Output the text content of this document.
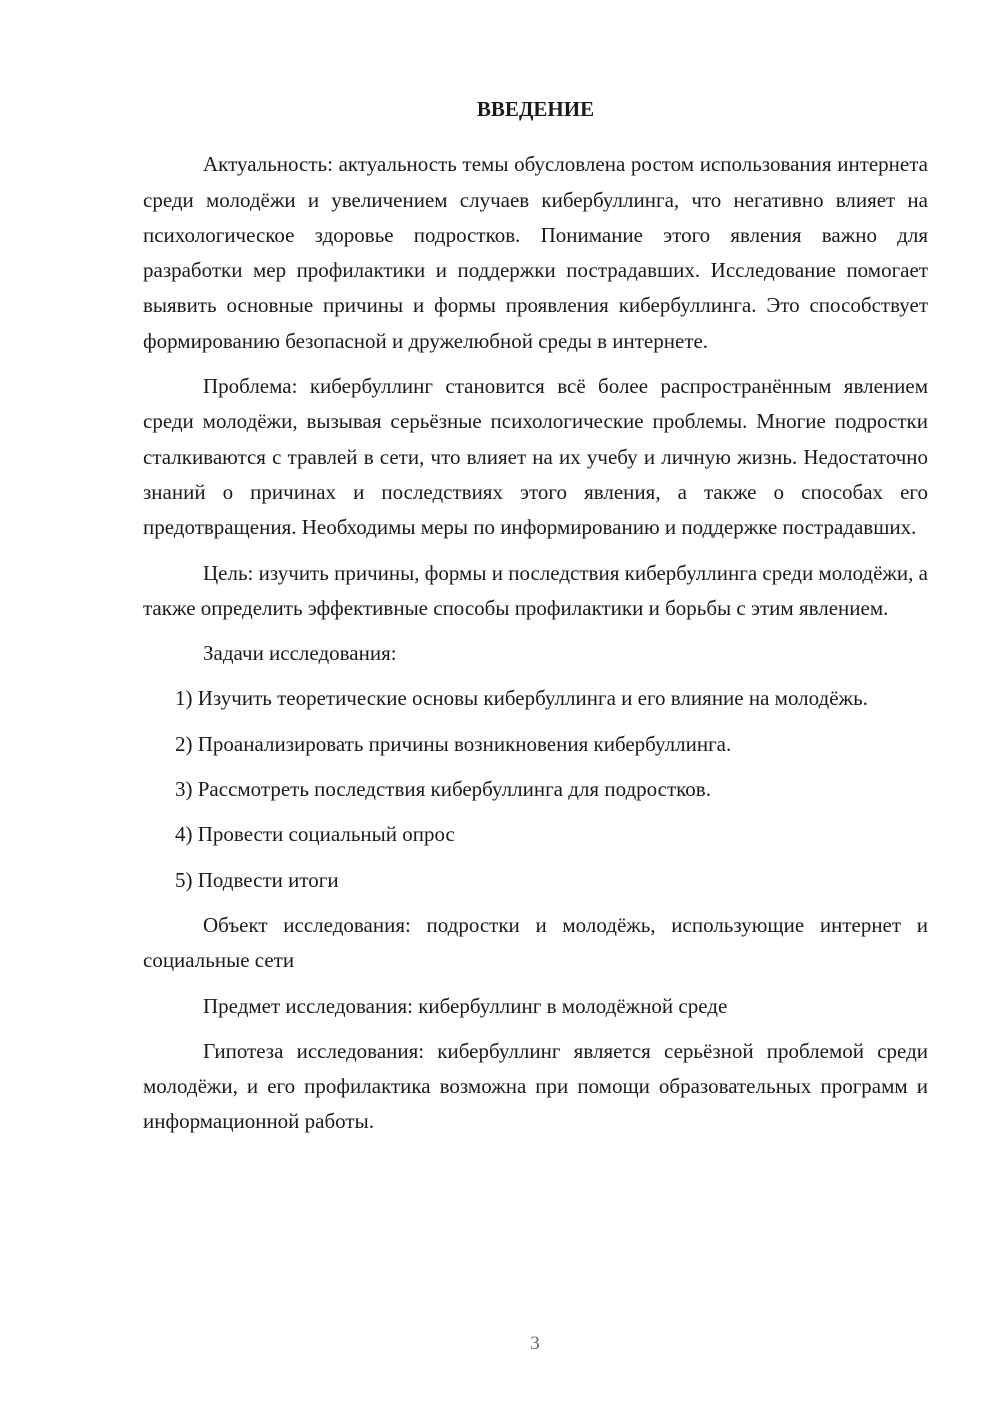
ВВЕДЕНИЕ

Актуальность: актуальность темы обусловлена ростом использования интернета среди молодёжи и увеличением случаев кибербуллинга, что негативно влияет на психологическое здоровье подростков. Понимание этого явления важно для разработки мер профилактики и поддержки пострадавших. Исследование помогает выявить основные причины и формы проявления кибербуллинга. Это способствует формированию безопасной и дружелюбной среды в интернете.

Проблема: кибербуллинг становится всё более распространённым явлением среди молодёжи, вызывая серьёзные психологические проблемы. Многие подростки сталкиваются с травлей в сети, что влияет на их учебу и личную жизнь. Недостаточно знаний о причинах и последствиях этого явления, а также о способах его предотвращения. Необходимы меры по информированию и поддержке пострадавших.

Цель: изучить причины, формы и последствия кибербуллинга среди молодёжи, а также определить эффективные способы профилактики и борьбы с этим явлением.

Задачи исследования:

1) Изучить теоретические основы кибербуллинга и его влияние на молодёжь.

2) Проанализировать причины возникновения кибербуллинга.

3) Рассмотреть последствия кибербуллинга для подростков.

4) Провести социальный опрос

5) Подвести итоги

Объект исследования: подростки и молодёжь, использующие интернет и социальные сети

Предмет исследования: кибербуллинг в молодёжной среде

Гипотеза исследования: кибербуллинг является серьёзной проблемой среди молодёжи, и его профилактика возможна при помощи образовательных программ и информационной работы.

3
